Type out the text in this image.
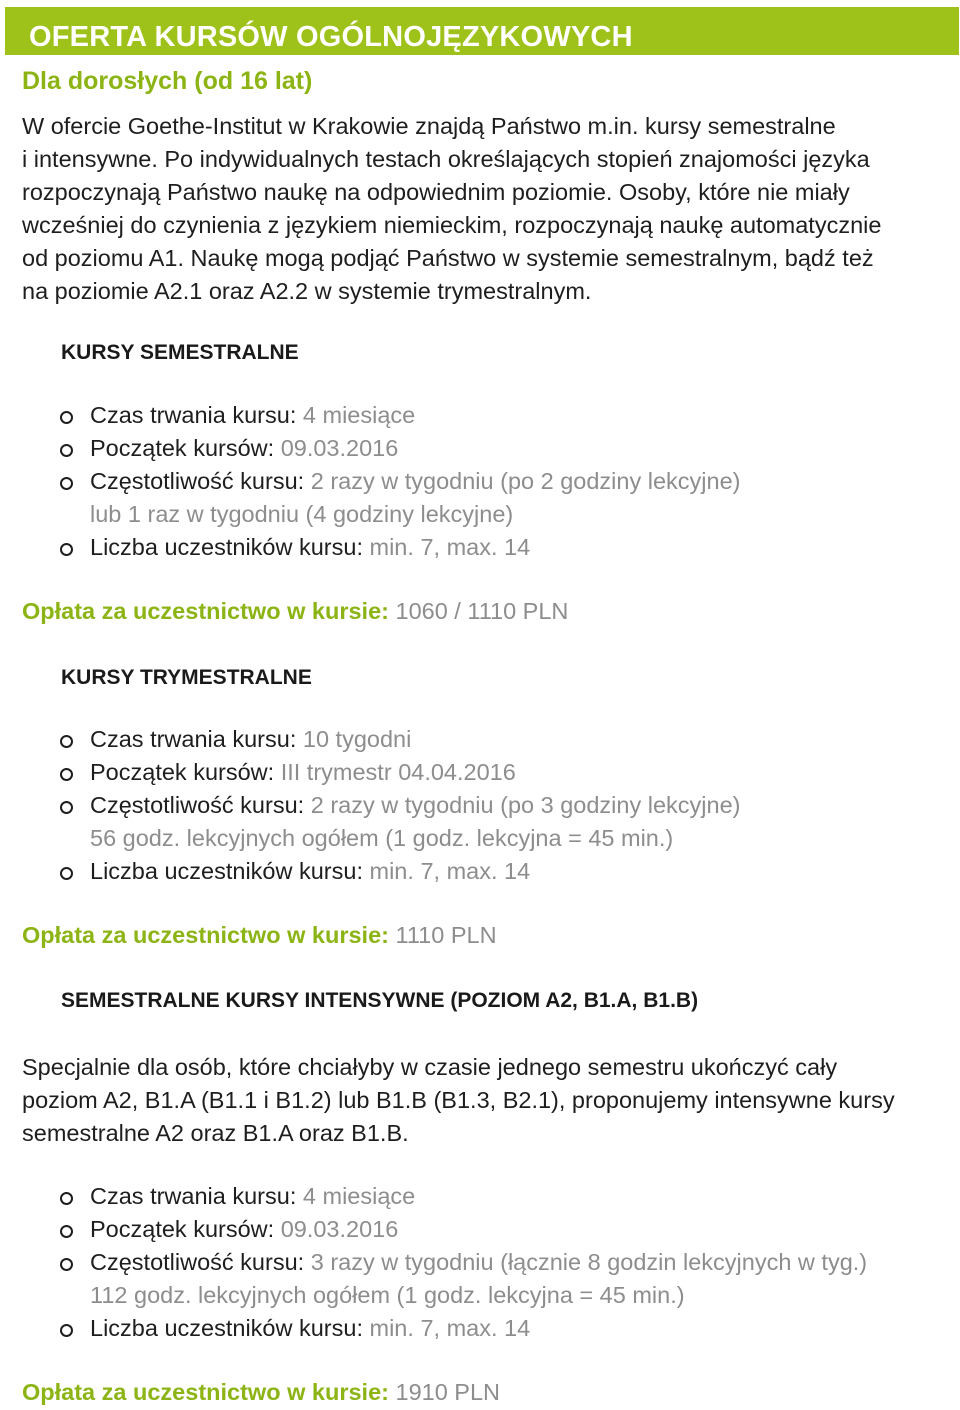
OFERTA KURSÓW OGÓLNOJĘZYKOWYCH
Dla dorosłych (od 16 lat)

W ofercie Goethe-Institut w Krakowie znajdą Państwo m.in. kursy semestralne
i intensywne. Po indywidualnych testach określających stopień znajomości języka
rozpoczynają Państwo naukę na odpowiednim poziomie. Osoby, które nie miały
wcześniej do czynienia z językiem niemieckim, rozpoczynają naukę automatycznie
od poziomu A1. Naukę mogą podjąć Państwo w systemie semestralnym, bądź też
na poziomie A2.1 oraz A2.2 w systemie trymestralnym.

KURSY SEMESTRALNE
Czas trwania kursu: 4 miesiące
Początek kursów: 09.03.2016
Częstotliwość kursu: 2 razy w tygodniu (po 2 godziny lekcyjne)
lub 1 raz w tygodniu (4 godziny lekcyjne)
Liczba uczestników kursu: min. 7, max. 14
Opłata za uczestnictwo w kursie: 1060 / 1110 PLN
KURSY TRYMESTRALNE
Czas trwania kursu: 10 tygodni
Początek kursów: III trymestr 04.04.2016
Częstotliwość kursu: 2 razy w tygodniu (po 3 godziny lekcyjne)
56 godz. lekcyjnych ogółem (1 godz. lekcyjna = 45 min.)
Liczba uczestników kursu: min. 7, max. 14
Opłata za uczestnictwo w kursie: 1110 PLN
SEMESTRALNE KURSY INTENSYWNE (POZIOM A2, B1.A, B1.B)

Specjalnie dla osób, które chciałyby w czasie jednego semestru ukończyć cały
poziom A2, B1.A (B1.1 i B1.2) lub B1.B (B1.3, B2.1), proponujemy intensywne kursy
semestralne A2 oraz B1.A oraz B1.B.

Czas trwania kursu: 4 miesiące
Początek kursów: 09.03.2016
Częstotliwość kursu: 3 razy w tygodniu (łącznie 8 godzin lekcyjnych w tyg.)
112 godz. lekcyjnych ogółem (1 godz. lekcyjna = 45 min.)
Liczba uczestników kursu: min. 7, max. 14
Opłata za uczestnictwo w kursie: 1910 PLN
